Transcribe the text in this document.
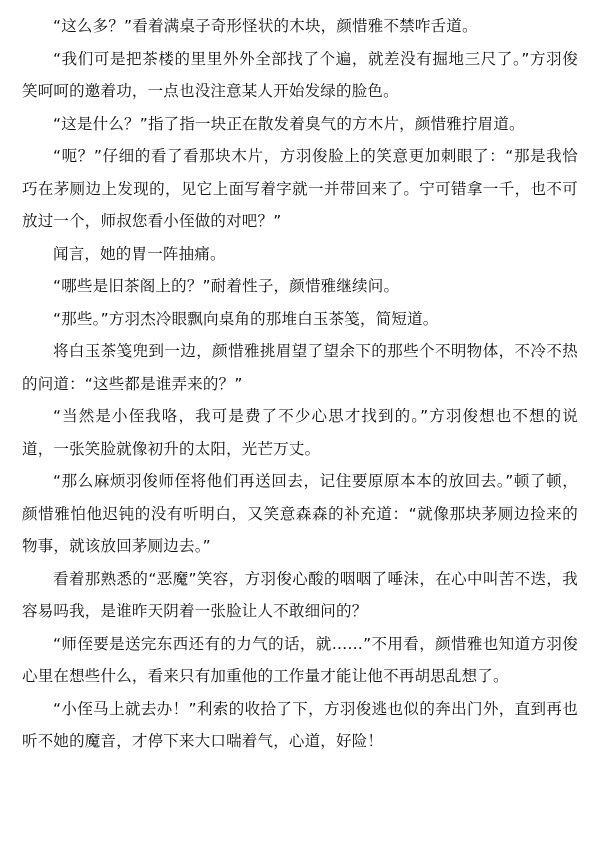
“这么多？”看着满桌子奇形怪状的木块，颜惜雅不禁咋舌道。

“我们可是把茶楼的里里外外全部找了个遍，就差没有掘地三尺了。”方羽俊笑呵呵的邀着功，一点也没注意某人开始发绿的脸色。

“这是什么？”指了指一块正在散发着臭气的方木片，颜惜雅拧眉道。

“呃？”仔细的看了看那块木片，方羽俊脸上的笑意更加刺眼了：“那是我恰巧在茅厕边上发现的，见它上面写着字就一并带回来了。宁可错拿一千，也不可放过一个，师叔您看小侄做的对吧？”

闻言，她的胃一阵抽痛。

“哪些是旧茶阁上的？”耐着性子，颜惜雅继续问。

“那些。”方羽杰冷眼飘向桌角的那堆白玉茶笺，简短道。

将白玉茶笺兜到一边，颜惜雅挑眉望了望余下的那些个不明物体，不冷不热的问道：“这些都是谁弄来的？”

“当然是小侄我咯，我可是费了不少心思才找到的。”方羽俊想也不想的说道，一张笑脸就像初升的太阳，光芒万丈。

“那么麻烦羽俊师侄将他们再送回去，记住要原原本本的放回去。”顿了顿，颜惜雅怕他迟钝的没有听明白，又笑意森森的补充道：“就像那块茅厕边捡来的物事，就该放回茅厕边去。”

看着那熟悉的“恶魔”笑容，方羽俊心酸的咽咽了唾沫，在心中叫苦不迭，我容易吗我，是谁昨天阴着一张脸让人不敢细问的？

“师侄要是送完东西还有的力气的话，就……”不用看，颜惜雅也知道方羽俊心里在想些什么，看来只有加重他的工作量才能让他不再胡思乱想了。

“小侄马上就去办！”利索的收拾了下，方羽俊逃也似的奔出门外，直到再也听不她的魔音，才停下来大口喘着气，心道，好险！
